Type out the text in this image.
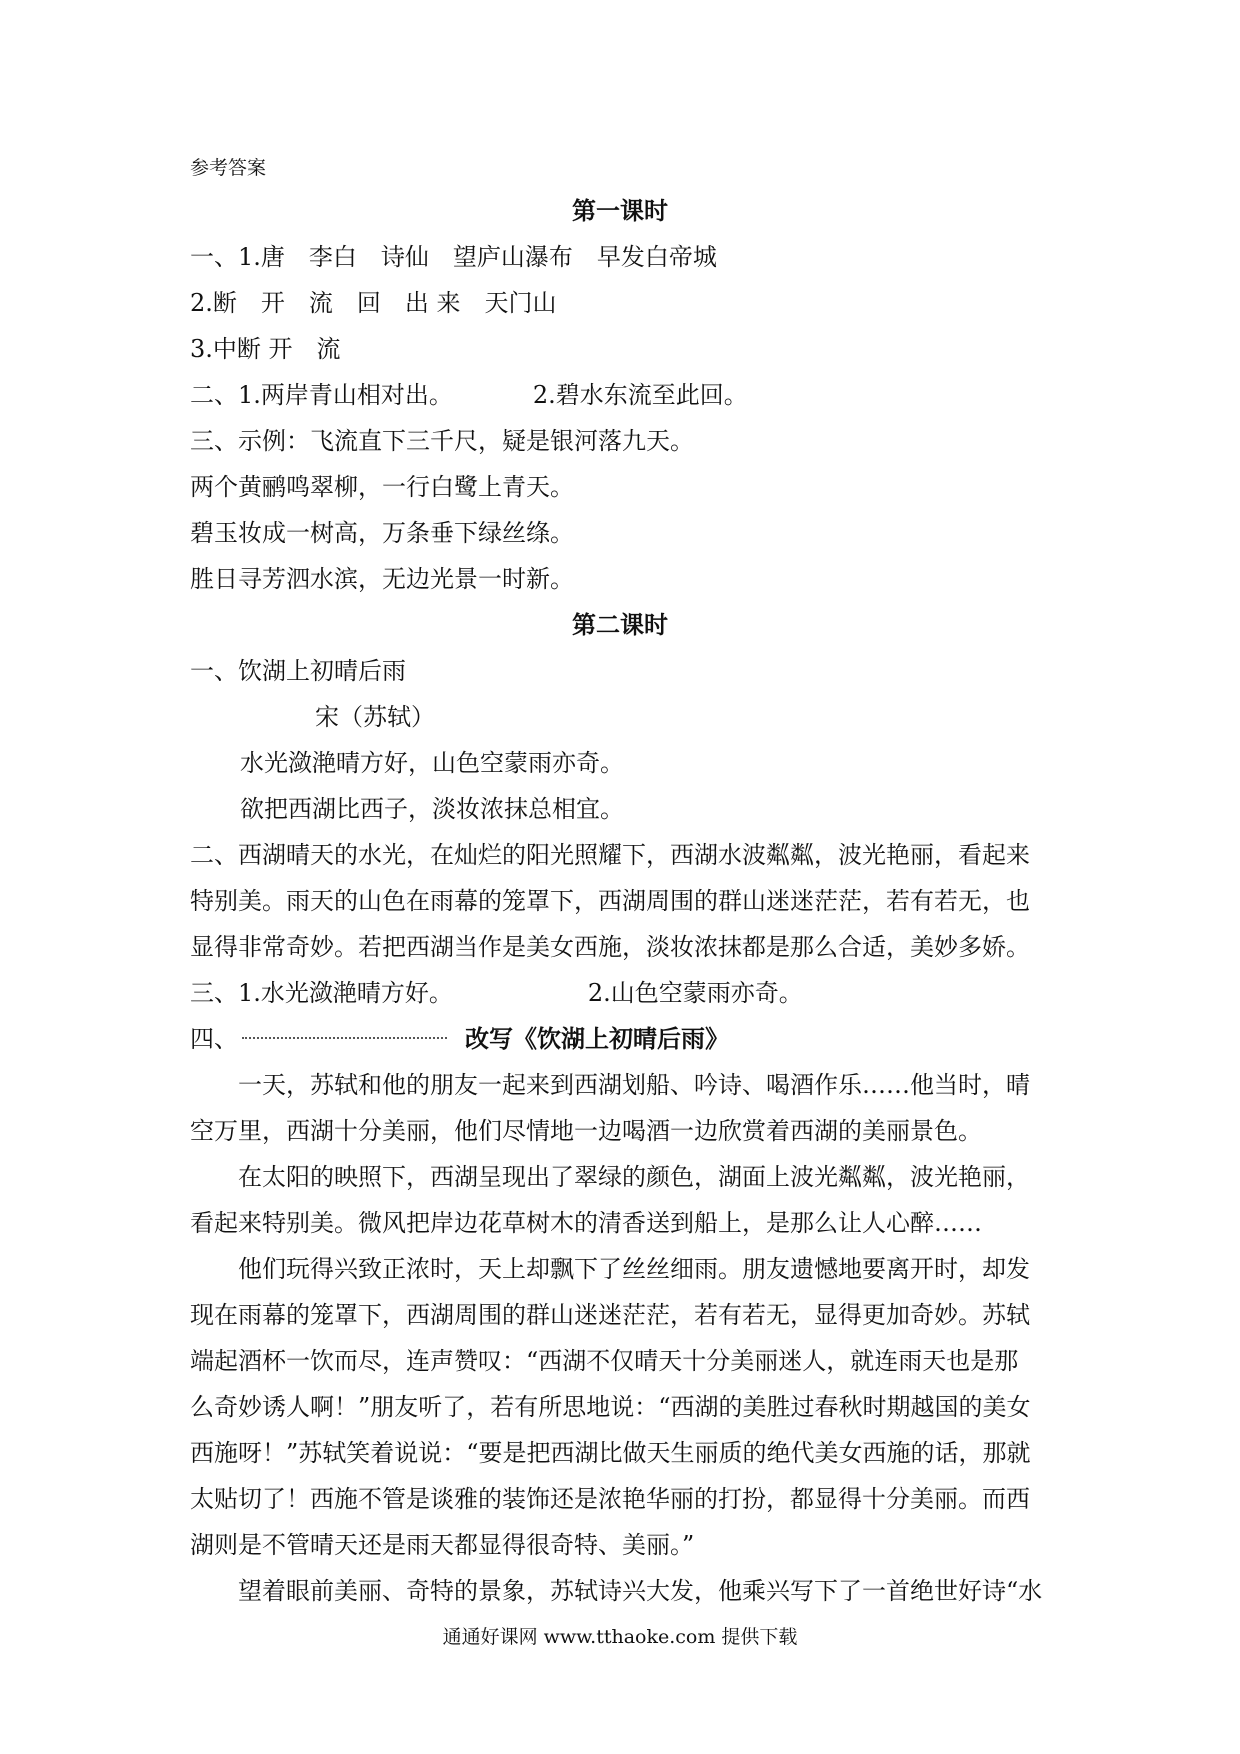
参考答案
第一课时
一、1.唐　李白　诗仙　望庐山瀑布　早发白帝城
2.断　开　流　回　出 来　天门山
3.中断 开　流
二、1.两岸青山相对出。	2.碧水东流至此回。
三、示例：飞流直下三千尺，疑是银河落九天。
两个黄鹂鸣翠柳，一行白鹭上青天。
碧玉妆成一树高，万条垂下绿丝绦。
胜日寻芳泗水滨，无边光景一时新。
第二课时
一、饮湖上初晴后雨
宋（苏轼）
水光潋滟晴方好，山色空蒙雨亦奇。
欲把西湖比西子，淡妆浓抹总相宜。
二、西湖晴天的水光，在灿烂的阳光照耀下，西湖水波粼粼，波光艳丽，看起来
特别美。雨天的山色在雨幕的笼罩下，西湖周围的群山迷迷茫茫，若有若无，也
显得非常奇妙。若把西湖当作是美女西施，淡妆浓抹都是那么合适，美妙多娇。
三、1.水光潋滟晴方好。	2.山色空蒙雨亦奇。
四、	改写《饮湖上初晴后雨》
　　一天，苏轼和他的朋友一起来到西湖划船、吟诗、喝酒作乐……他当时，晴
空万里，西湖十分美丽，他们尽情地一边喝酒一边欣赏着西湖的美丽景色。
　　在太阳的映照下，西湖呈现出了翠绿的颜色，湖面上波光粼粼，波光艳丽，
看起来特别美。微风把岸边花草树木的清香送到船上，是那么让人心醉……
　　他们玩得兴致正浓时，天上却飘下了丝丝细雨。朋友遗憾地要离开时，却发
现在雨幕的笼罩下，西湖周围的群山迷迷茫茫，若有若无，显得更加奇妙。苏轼
端起酒杯一饮而尽，连声赞叹：“西湖不仅晴天十分美丽迷人，就连雨天也是那
么奇妙诱人啊！”朋友听了，若有所思地说：“西湖的美胜过春秋时期越国的美女
西施呀！”苏轼笑着说说：“要是把西湖比做天生丽质的绝代美女西施的话，那就
太贴切了！西施不管是谈雅的装饰还是浓艳华丽的打扮，都显得十分美丽。而西
湖则是不管晴天还是雨天都显得很奇特、美丽。”
　　望着眼前美丽、奇特的景象，苏轼诗兴大发，他乘兴写下了一首绝世好诗“水
通通好课网 www.tthaoke.com 提供下载
